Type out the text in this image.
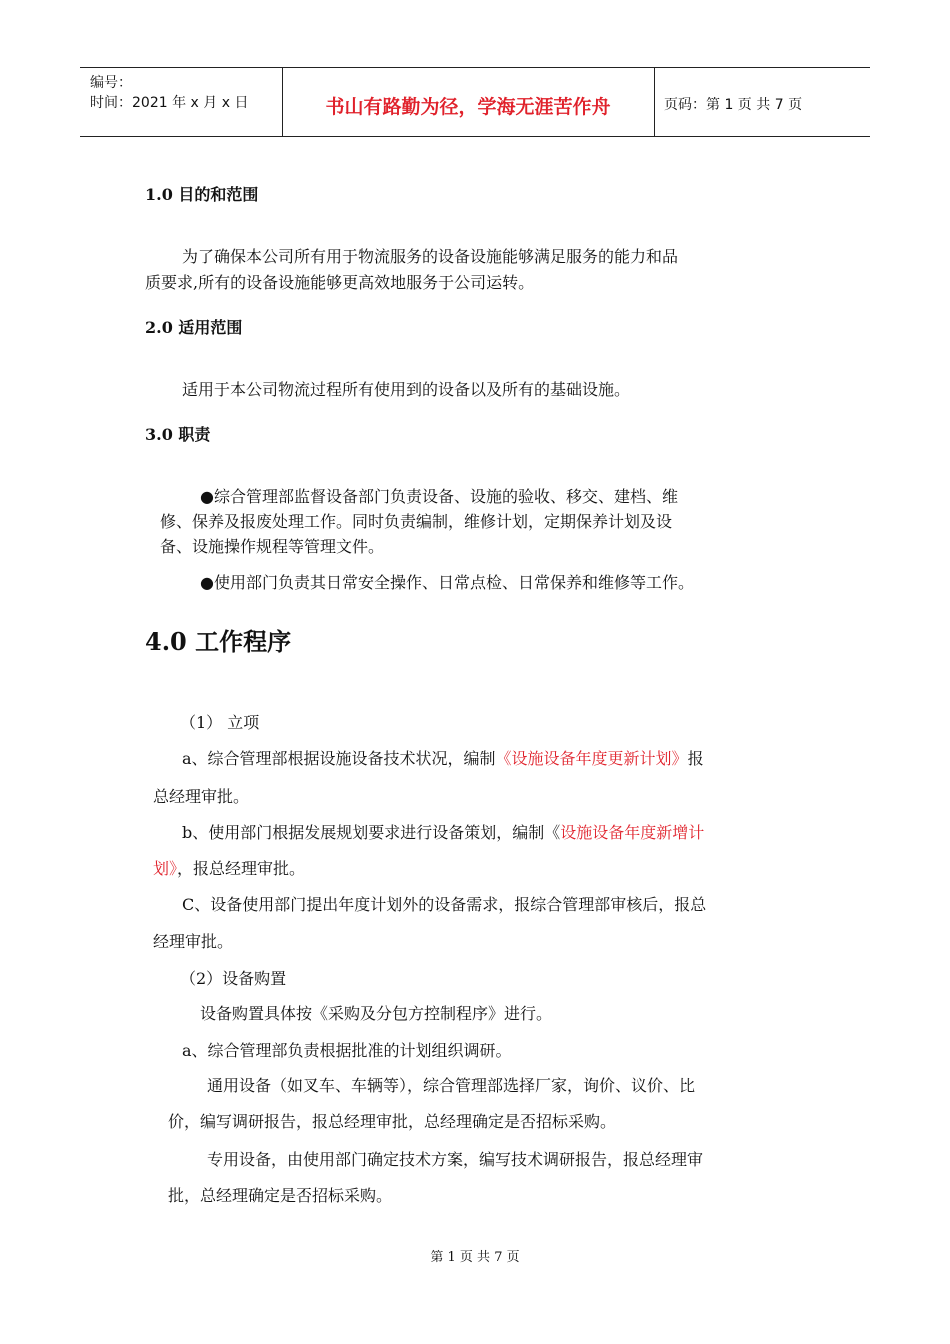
编号：
时间：2021 年 x 月 x 日	书山有路勤为径，学海无涯苦作舟	页码：第 1 页 共 7 页
1.0 目的和范围
为了确保本公司所有用于物流服务的设备设施能够满足服务的能力和品
质要求,所有的设备设施能够更高效地服务于公司运转。
2.0 适用范围
适用于本公司物流过程所有使用到的设备以及所有的基础设施。
3.0 职责
●综合管理部监督设备部门负责设备、设施的验收、移交、建档、维
修、保养及报废处理工作。同时负责编制，维修计划，定期保养计划及设
备、设施操作规程等管理文件。
●使用部门负责其日常安全操作、日常点检、日常保养和维修等工作。
4.0 工作程序
（1） 立项
a、综合管理部根据设施设备技术状况，编制《设施设备年度更新计划》报
总经理审批。
b、使用部门根据发展规划要求进行设备策划，编制《设施设备年度新增计
划》，报总经理审批。
C、设备使用部门提出年度计划外的设备需求，报综合管理部审核后，报总
经理审批。
（2）设备购置
设备购置具体按《采购及分包方控制程序》进行。
a、综合管理部负责根据批准的计划组织调研。
通用设备（如叉车、车辆等），综合管理部选择厂家，询价、议价、比
价，编写调研报告，报总经理审批，总经理确定是否招标采购。
专用设备，由使用部门确定技术方案，编写技术调研报告，报总经理审
批，总经理确定是否招标采购。
第 1 页 共 7 页
